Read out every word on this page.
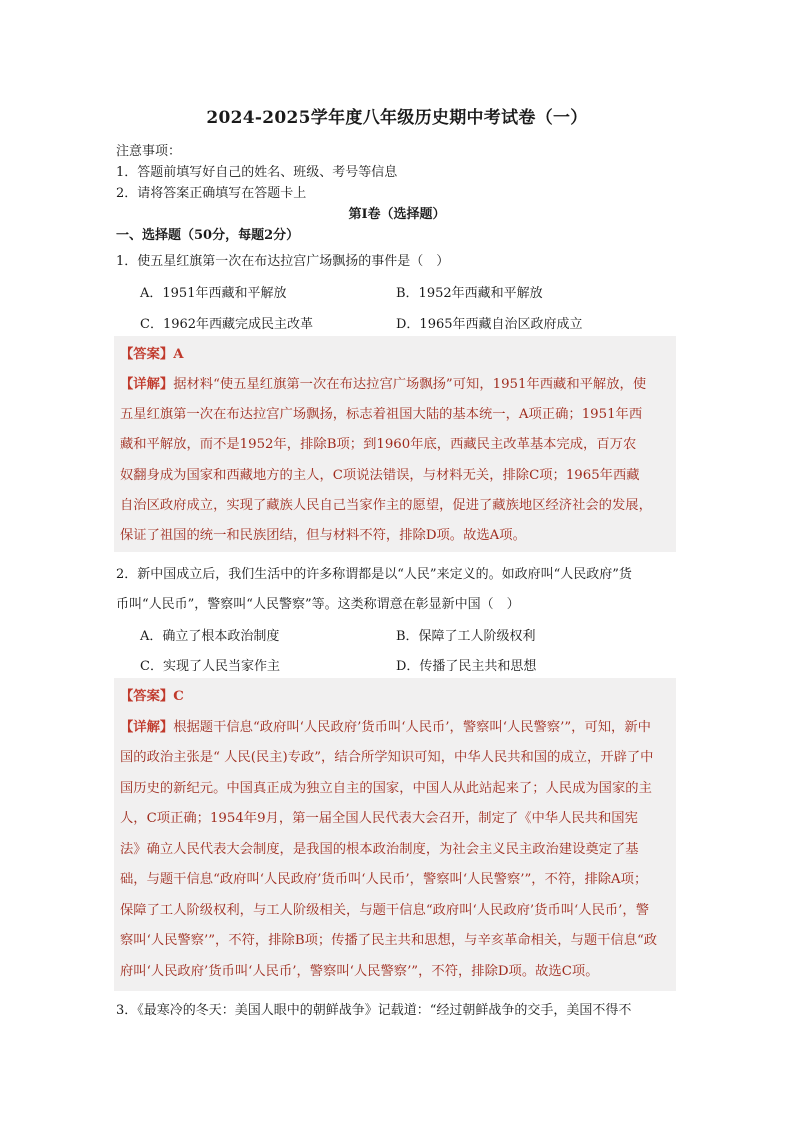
2024-2025学年度八年级历史期中考试卷（一）
注意事项：
1．答题前填写好自己的姓名、班级、考号等信息
2．请将答案正确填写在答题卡上
第Ⅰ卷（选择题）
一、选择题（50分，每题2分）
1．使五星红旗第一次在布达拉宫广场飘扬的事件是（　）
A．1951年西藏和平解放	B．1952年西藏和平解放
C．1962年西藏完成民主改革	D．1965年西藏自治区政府成立
【答案】A
【详解】据材料“使五星红旗第一次在布达拉宫广场飘扬”可知，1951年西藏和平解放，使
五星红旗第一次在布达拉宫广场飘扬，标志着祖国大陆的基本统一，A项正确；1951年西
藏和平解放，而不是1952年，排除B项；到1960年底，西藏民主改革基本完成，百万农
奴翻身成为国家和西藏地方的主人，C项说法错误，与材料无关，排除C项；1965年西藏
自治区政府成立，实现了藏族人民自己当家作主的愿望，促进了藏族地区经济社会的发展，
保证了祖国的统一和民族团结，但与材料不符，排除D项。故选A项。
2．新中国成立后，我们生活中的许多称谓都是以“人民”来定义的。如政府叫“人民政府”货
币叫“人民币”，警察叫“人民警察”等。这类称谓意在彰显新中国（　）
A．确立了根本政治制度	B．保障了工人阶级权利
C．实现了人民当家作主	D．传播了民主共和思想
【答案】C
【详解】根据题干信息“政府叫‘人民政府’货币叫‘人民币’，警察叫‘人民警察’”，可知，新中
国的政治主张是“ 人民(民主)专政”，结合所学知识可知，中华人民共和国的成立，开辟了中
国历史的新纪元。中国真正成为独立自主的国家，中国人从此站起来了；人民成为国家的主
人，C项正确；1954年9月，第一届全国人民代表大会召开，制定了《中华人民共和国宪
法》确立人民代表大会制度，是我国的根本政治制度，为社会主义民主政治建设奠定了基
础，与题干信息“政府叫‘人民政府’货币叫‘人民币’，警察叫‘人民警察’”，不符，排除A项；
保障了工人阶级权利，与工人阶级相关，与题干信息“政府叫‘人民政府’货币叫‘人民币’，警
察叫‘人民警察’”，不符，排除B项；传播了民主共和思想，与辛亥革命相关，与题干信息“政
府叫‘人民政府’货币叫‘人民币’，警察叫‘人民警察’”，不符，排除D项。故选C项。
3．《最寒冷的冬天：美国人眼中的朝鲜战争》记载道：“经过朝鲜战争的交手，美国不得不
